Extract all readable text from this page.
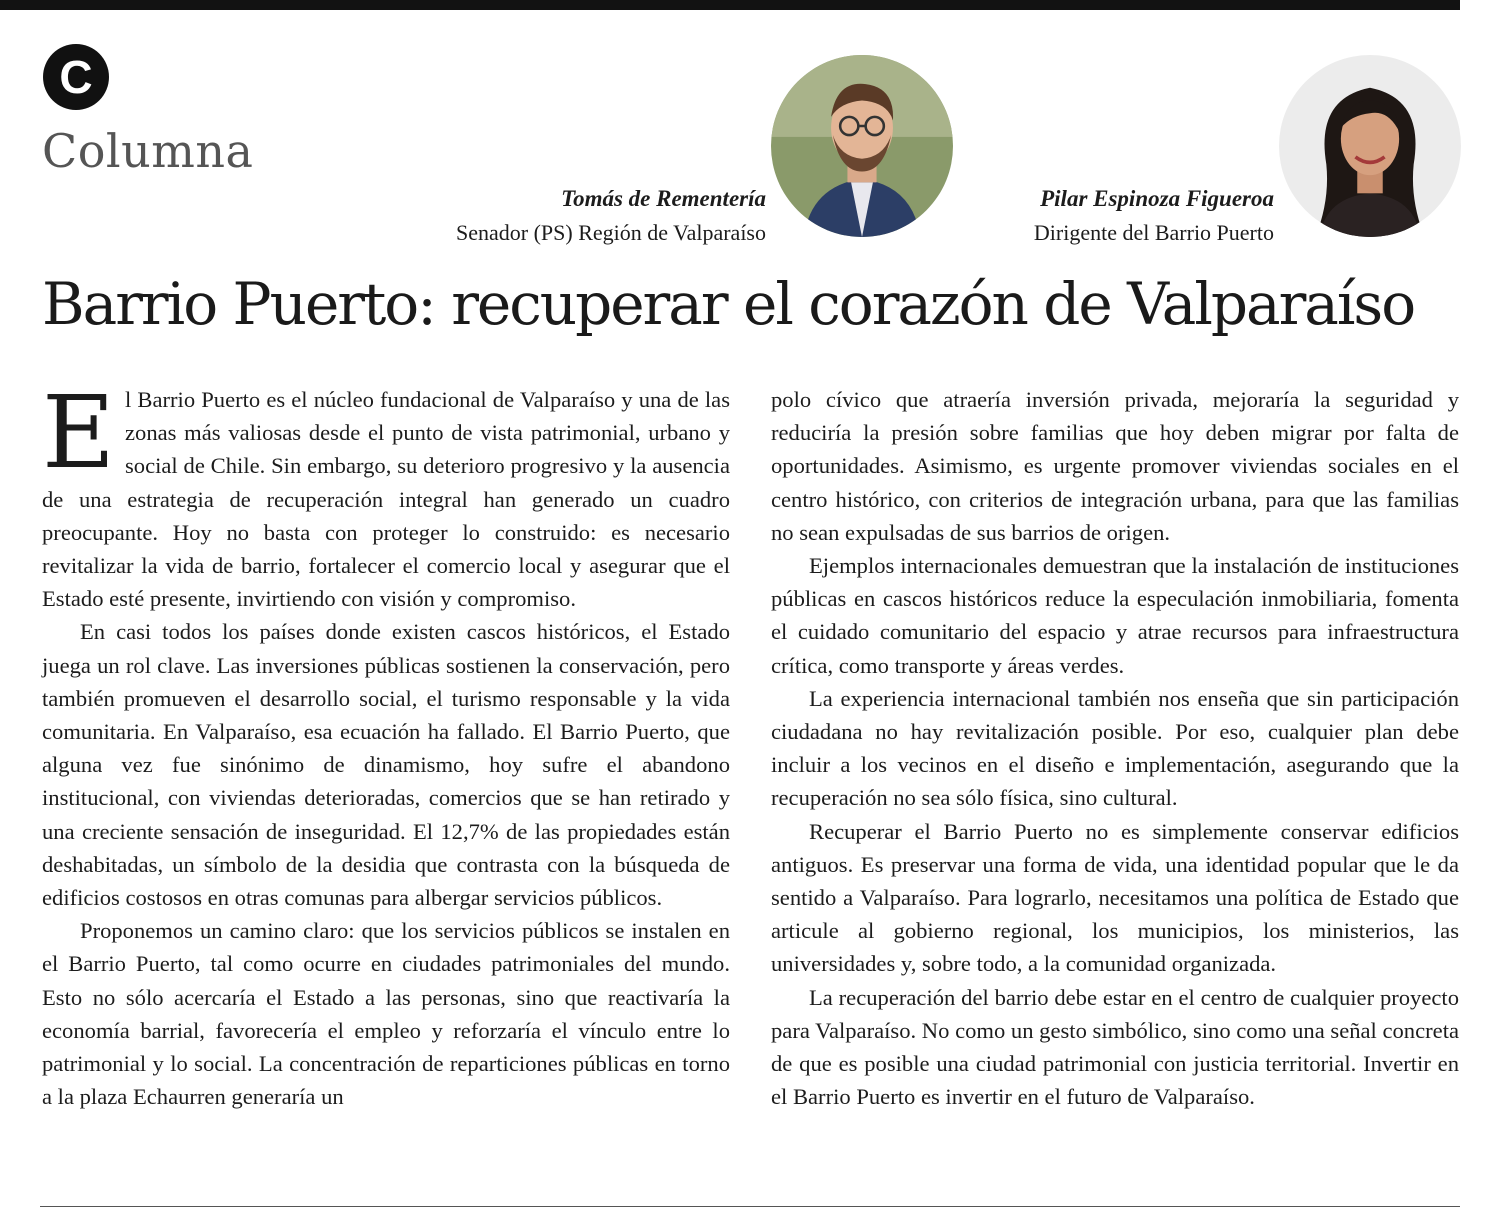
C
Columna
Tomás de Rementería
Senador (PS) Región de Valparaíso
Pilar Espinoza Figueroa
Dirigente del Barrio Puerto
Barrio Puerto: recuperar el corazón de Valparaíso

El Barrio Puerto es el núcleo fundacional de Valparaíso y una de las zonas más valiosas desde el punto de vista patrimonial, urbano y social de Chile. Sin embargo, su deterioro progresivo y la ausencia de una estrategia de recuperación integral han generado un cuadro preocupante. Hoy no basta con proteger lo construido: es necesario revitalizar la vida de barrio, fortalecer el comercio local y asegurar que el Estado esté presente, invirtiendo con visión y compromiso.

En casi todos los países donde existen cascos históricos, el Estado juega un rol clave. Las inversiones públicas sostienen la conservación, pero también promueven el desarrollo social, el turismo responsable y la vida comunitaria. En Valparaíso, esa ecuación ha fallado. El Barrio Puerto, que alguna vez fue sinónimo de dinamismo, hoy sufre el abandono institucional, con viviendas deterioradas, comercios que se han retirado y una creciente sensación de inseguridad. El 12,7% de las propiedades están deshabitadas, un símbolo de la desidia que contrasta con la búsqueda de edificios costosos en otras comunas para albergar servicios públicos.

Proponemos un camino claro: que los servicios públicos se instalen en el Barrio Puerto, tal como ocurre en ciudades patrimoniales del mundo. Esto no sólo acercaría el Estado a las personas, sino que reactivaría la economía barrial, favorecería el empleo y reforzaría el vínculo entre lo patrimonial y lo social. La concentración de reparticiones públicas en torno a la plaza Echaurren generaría un

polo cívico que atraería inversión privada, mejoraría la seguridad y reduciría la presión sobre familias que hoy deben migrar por falta de oportunidades. Asimismo, es urgente promover viviendas sociales en el centro histórico, con criterios de integración urbana, para que las familias no sean expulsadas de sus barrios de origen.

Ejemplos internacionales demuestran que la instalación de instituciones públicas en cascos históricos reduce la especulación inmobiliaria, fomenta el cuidado comunitario del espacio y atrae recursos para infraestructura crítica, como transporte y áreas verdes.

La experiencia internacional también nos enseña que sin participación ciudadana no hay revitalización posible. Por eso, cualquier plan debe incluir a los vecinos en el diseño e implementación, asegurando que la recuperación no sea sólo física, sino cultural.

Recuperar el Barrio Puerto no es simplemente conservar edificios antiguos. Es preservar una forma de vida, una identidad popular que le da sentido a Valparaíso. Para lograrlo, necesitamos una política de Estado que articule al gobierno regional, los municipios, los ministerios, las universidades y, sobre todo, a la comunidad organizada.

La recuperación del barrio debe estar en el centro de cualquier proyecto para Valparaíso. No como un gesto simbólico, sino como una señal concreta de que es posible una ciudad patrimonial con justicia territorial. Invertir en el Barrio Puerto es invertir en el futuro de Valparaíso.
